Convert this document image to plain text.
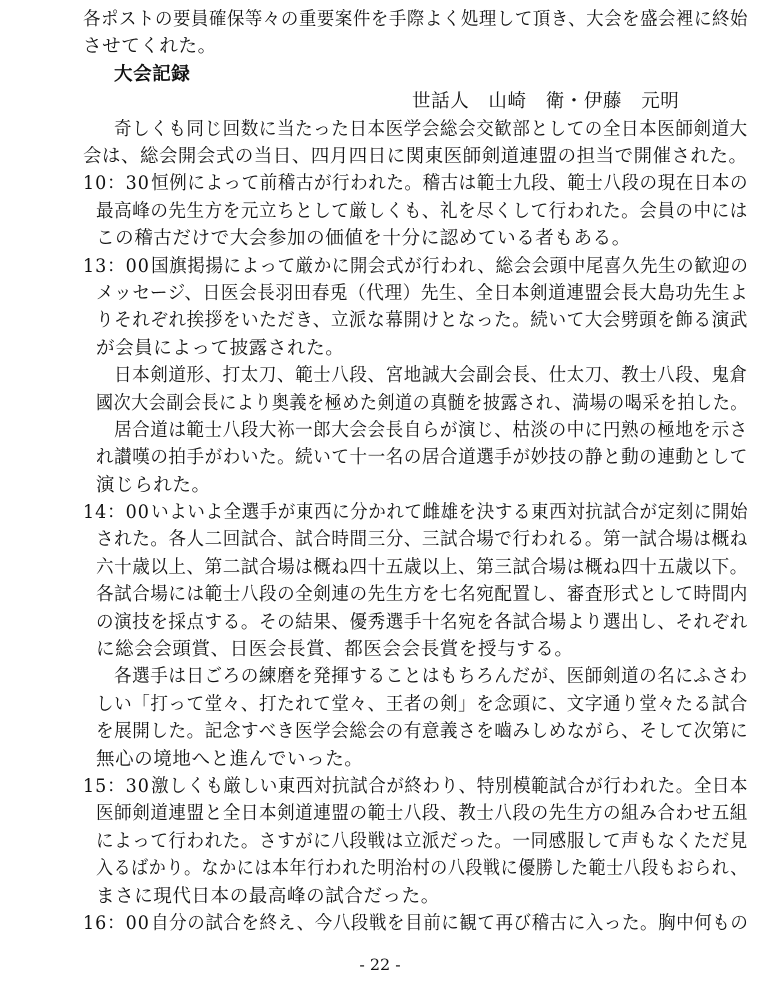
各ポストの要員確保等々の重要案件を手際よく処理して頂き、大会を盛会裡に終始
させてくれた。
大会記録
世話人　山崎　衛・伊藤　元明
奇しくも同じ回数に当たった日本医学会総会交歓部としての全日本医師剣道大
会は、総会開会式の当日、四月四日に関東医師剣道連盟の担当で開催された。
10：30恒例によって前稽古が行われた。稽古は範士九段、範士八段の現在日本の
最高峰の先生方を元立ちとして厳しくも、礼を尽くして行われた。会員の中には
この稽古だけで大会参加の価値を十分に認めている者もある。
13：00国旗掲揚によって厳かに開会式が行われ、総会会頭中尾喜久先生の歓迎の
メッセージ、日医会長羽田春兎（代理）先生、全日本剣道連盟会長大島功先生よ
りそれぞれ挨拶をいただき、立派な幕開けとなった。続いて大会劈頭を飾る演武
が会員によって披露された。
日本剣道形、打太刀、範士八段、宮地誠大会副会長、仕太刀、教士八段、鬼倉
國次大会副会長により奥義を極めた剣道の真髄を披露され、満場の喝采を拍した。
居合道は範士八段大袮一郎大会会長自らが演じ、枯淡の中に円熟の極地を示さ
れ讃嘆の拍手がわいた。続いて十一名の居合道選手が妙技の静と動の連動として
演じられた。
14：00いよいよ全選手が東西に分かれて雌雄を決する東西対抗試合が定刻に開始
された。各人二回試合、試合時間三分、三試合場で行われる。第一試合場は概ね
六十歳以上、第二試合場は概ね四十五歳以上、第三試合場は概ね四十五歳以下。
各試合場には範士八段の全剣連の先生方を七名宛配置し、審査形式として時間内
の演技を採点する。その結果、優秀選手十名宛を各試合場より選出し、それぞれ
に総会会頭賞、日医会長賞、都医会会長賞を授与する。
各選手は日ごろの練磨を発揮することはもちろんだが、医師剣道の名にふさわ
しい「打って堂々、打たれて堂々、王者の剣」を念頭に、文字通り堂々たる試合
を展開した。記念すべき医学会総会の有意義さを嚙みしめながら、そして次第に
無心の境地へと進んでいった。
15：30激しくも厳しい東西対抗試合が終わり、特別模範試合が行われた。全日本
医師剣道連盟と全日本剣道連盟の範士八段、教士八段の先生方の組み合わせ五組
によって行われた。さすがに八段戦は立派だった。一同感服して声もなくただ見
入るばかり。なかには本年行われた明治村の八段戦に優勝した範士八段もおられ、
まさに現代日本の最高峰の試合だった。
16：00自分の試合を終え、今八段戦を目前に観て再び稽古に入った。胸中何もの
- 22 -
